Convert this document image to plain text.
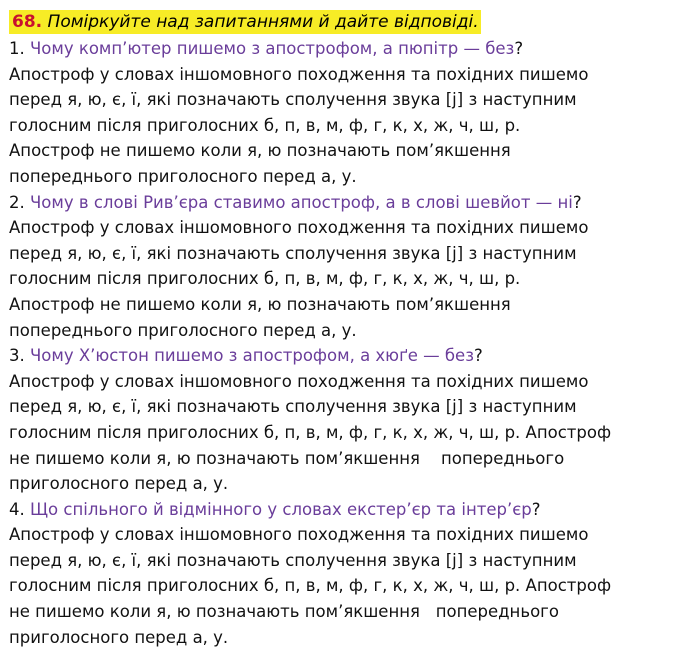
68. Поміркуйте над запитаннями й дайте відповіді.
1. Чому комп’ютер пишемо з апострофом, а пюпітр — без?
Апостроф у словах іншомовного походження та похідних пишемо
перед я, ю, є, ї, які позначають сполучення звука [j] з наступним
голосним після приголосних б, п, в, м, ф, г, к, х, ж, ч, ш, р.
Апостроф не пишемо коли я, ю позначають пом’якшення
попереднього приголосного перед а, у.
2. Чому в слові Рив’єра ставимо апостроф, а в слові шевйот — ні?
Апостроф у словах іншомовного походження та похідних пишемо
перед я, ю, є, ї, які позначають сполучення звука [j] з наступним
голосним після приголосних б, п, в, м, ф, г, к, х, ж, ч, ш, р.
Апостроф не пишемо коли я, ю позначають пом’якшення
попереднього приголосного перед а, у.
3. Чому Х’юстон пишемо з апострофом, а хюґе — без?
Апостроф у словах іншомовного походження та похідних пишемо
перед я, ю, є, ї, які позначають сполучення звука [j] з наступним
голосним після приголосних б, п, в, м, ф, г, к, х, ж, ч, ш, р. Апостроф
не пишемо коли я, ю позначають пом’якшення    попереднього
приголосного перед а, у.
4. Що спільного й відмінного у словах екстер’єр та інтер’єр?
Апостроф у словах іншомовного походження та похідних пишемо
перед я, ю, є, ї, які позначають сполучення звука [j] з наступним
голосним після приголосних б, п, в, м, ф, г, к, х, ж, ч, ш, р. Апостроф
не пишемо коли я, ю позначають пом’якшення   попереднього
приголосного перед а, у.
